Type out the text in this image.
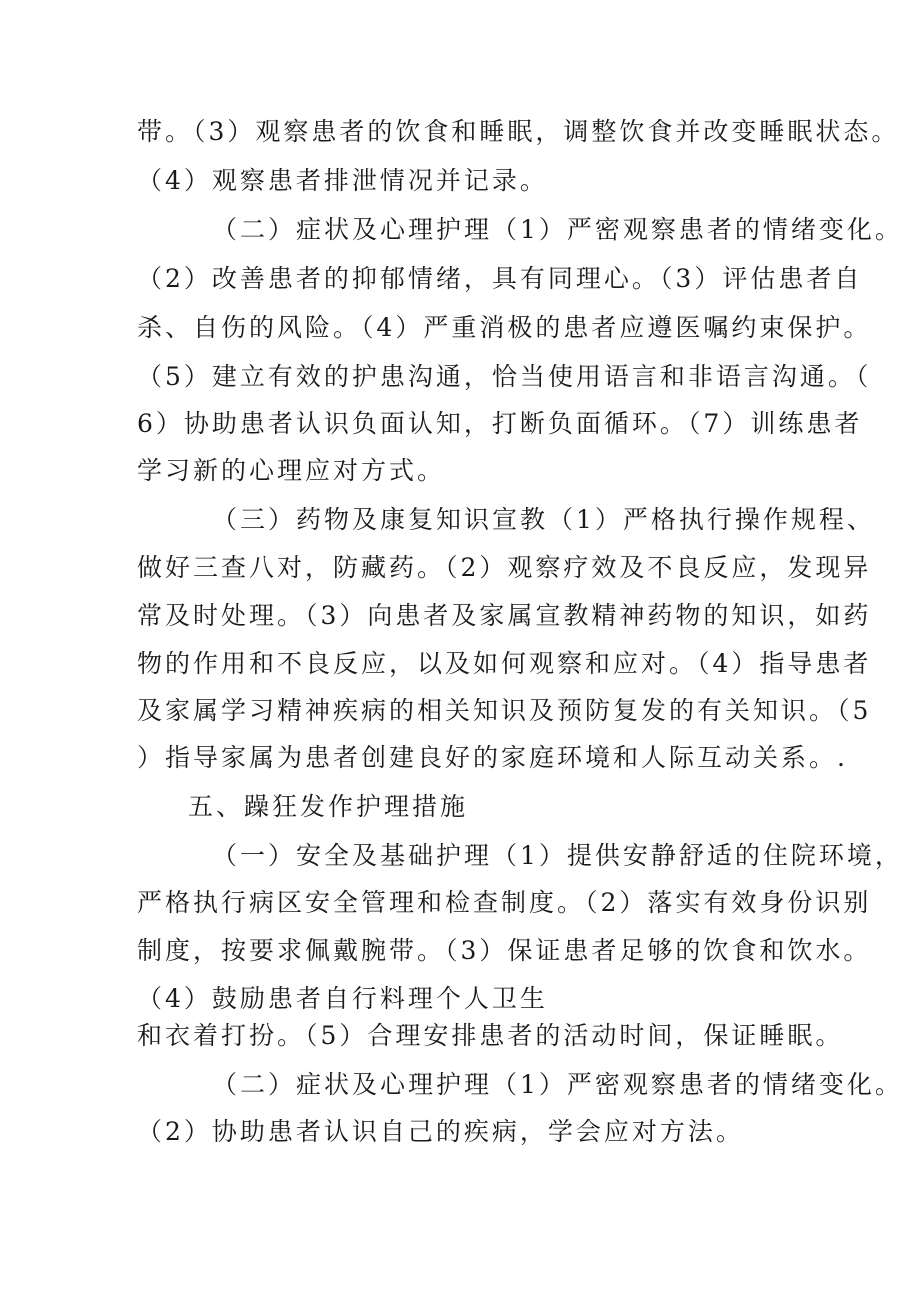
带。（3）观察患者的饮食和睡眠，调整饮食并改变睡眠状态。
（4）观察患者排泄情况并记录。
（二）症状及心理护理（1）严密观察患者的情绪变化。
（2）改善患者的抑郁情绪，具有同理心。（3）评估患者自
杀、自伤的风险。（4）严重消极的患者应遵医嘱约束保护。
（5）建立有效的护患沟通，恰当使用语言和非语言沟通。（
6）协助患者认识负面认知，打断负面循环。（7）训练患者
学习新的心理应对方式。
（三）药物及康复知识宣教（1）严格执行操作规程、
做好三查八对，防藏药。（2）观察疗效及不良反应，发现异
常及时处理。（3）向患者及家属宣教精神药物的知识，如药
物的作用和不良反应，以及如何观察和应对。（4）指导患者
及家属学习精神疾病的相关知识及预防复发的有关知识。（5
）指导家属为患者创建良好的家庭环境和人际互动关系。.
五、躁狂发作护理措施
（一）安全及基础护理（1）提供安静舒适的住院环境，
严格执行病区安全管理和检查制度。（2）落实有效身份识别
制度，按要求佩戴腕带。（3）保证患者足够的饮食和饮水。
（4）鼓励患者自行料理个人卫生
和衣着打扮。（5）合理安排患者的活动时间，保证睡眠。
（二）症状及心理护理（1）严密观察患者的情绪变化。
（2）协助患者认识自己的疾病，学会应对方法。
